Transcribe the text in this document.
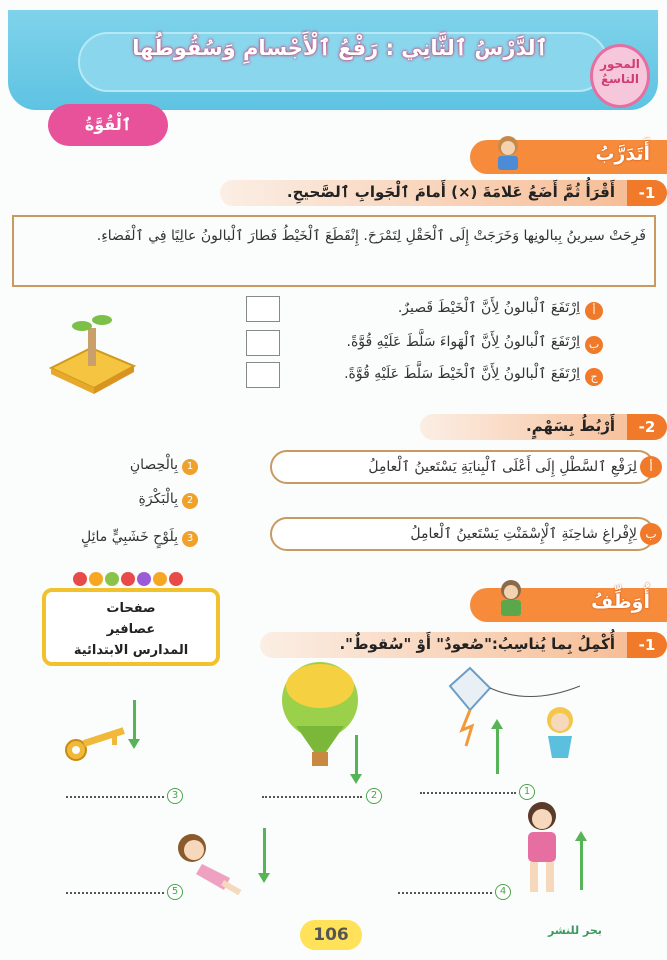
ٱلدَّرْسُ ٱلثَّانِي : رَفْعُ ٱلْأَجْسامِ وَسُقُوطُها
المحور
التاسعُ
ٱلْقُوَّةُ
أَتَدَرَّبُ
-1
أَقْرَأُ ثُمَّ أَضَعُ عَلامَةَ (×) أَمامَ ٱلْجَوابِ ٱلصَّحيحِ.
فَرِحَتْ سيرينُ بِبالونِها وَخَرَجَتْ إِلَى ٱلْحَقْلِ لِتَمْرَحَ. إِنْقَطَعَ ٱلْخَيْطُ فَطارَ ٱلْبالونُ عالِيًا فِي ٱلْفَضاءِ.
أ
اِرْتَفَعَ ٱلْبالونُ لِأَنَّ ٱلْخَيْطَ قَصيرٌ.
ب
اِرْتَفَعَ ٱلْبالونُ لِأَنَّ ٱلْهَواءَ سَلَّطَ عَلَيْهِ قُوَّةً.
ج
اِرْتَفَعَ ٱلْبالونُ لِأَنَّ ٱلْخَيْطَ سَلَّطَ عَلَيْهِ قُوَّةً.
-2
أَرْبُطُ بِسَهْمٍ.
لِرَفْعِ ٱلسَّطْلِ إِلَى أَعْلَى ٱلْبِنايَةِ يَسْتَعينُ ٱلْعامِلُ	أ
لِإِفْراغِ شاحِنَةِ ٱلْإِسْمَنْتِ يَسْتَعينُ ٱلْعامِلُ ب
1
بِالْحِصانِ
2
بِالْبَكْرَةِ
3
بِلَوْحٍ خَشَبِيٍّ مائِلٍ
صفحات
عصافير
المدارس الابتدائية
أُوَظِّفُ
-1
أُكْمِلُ بِما يُناسِبُ:"صُعودٌ" أَوْ "سُقوطٌ".
3	2	1
5	4
106	بحر للنشر
